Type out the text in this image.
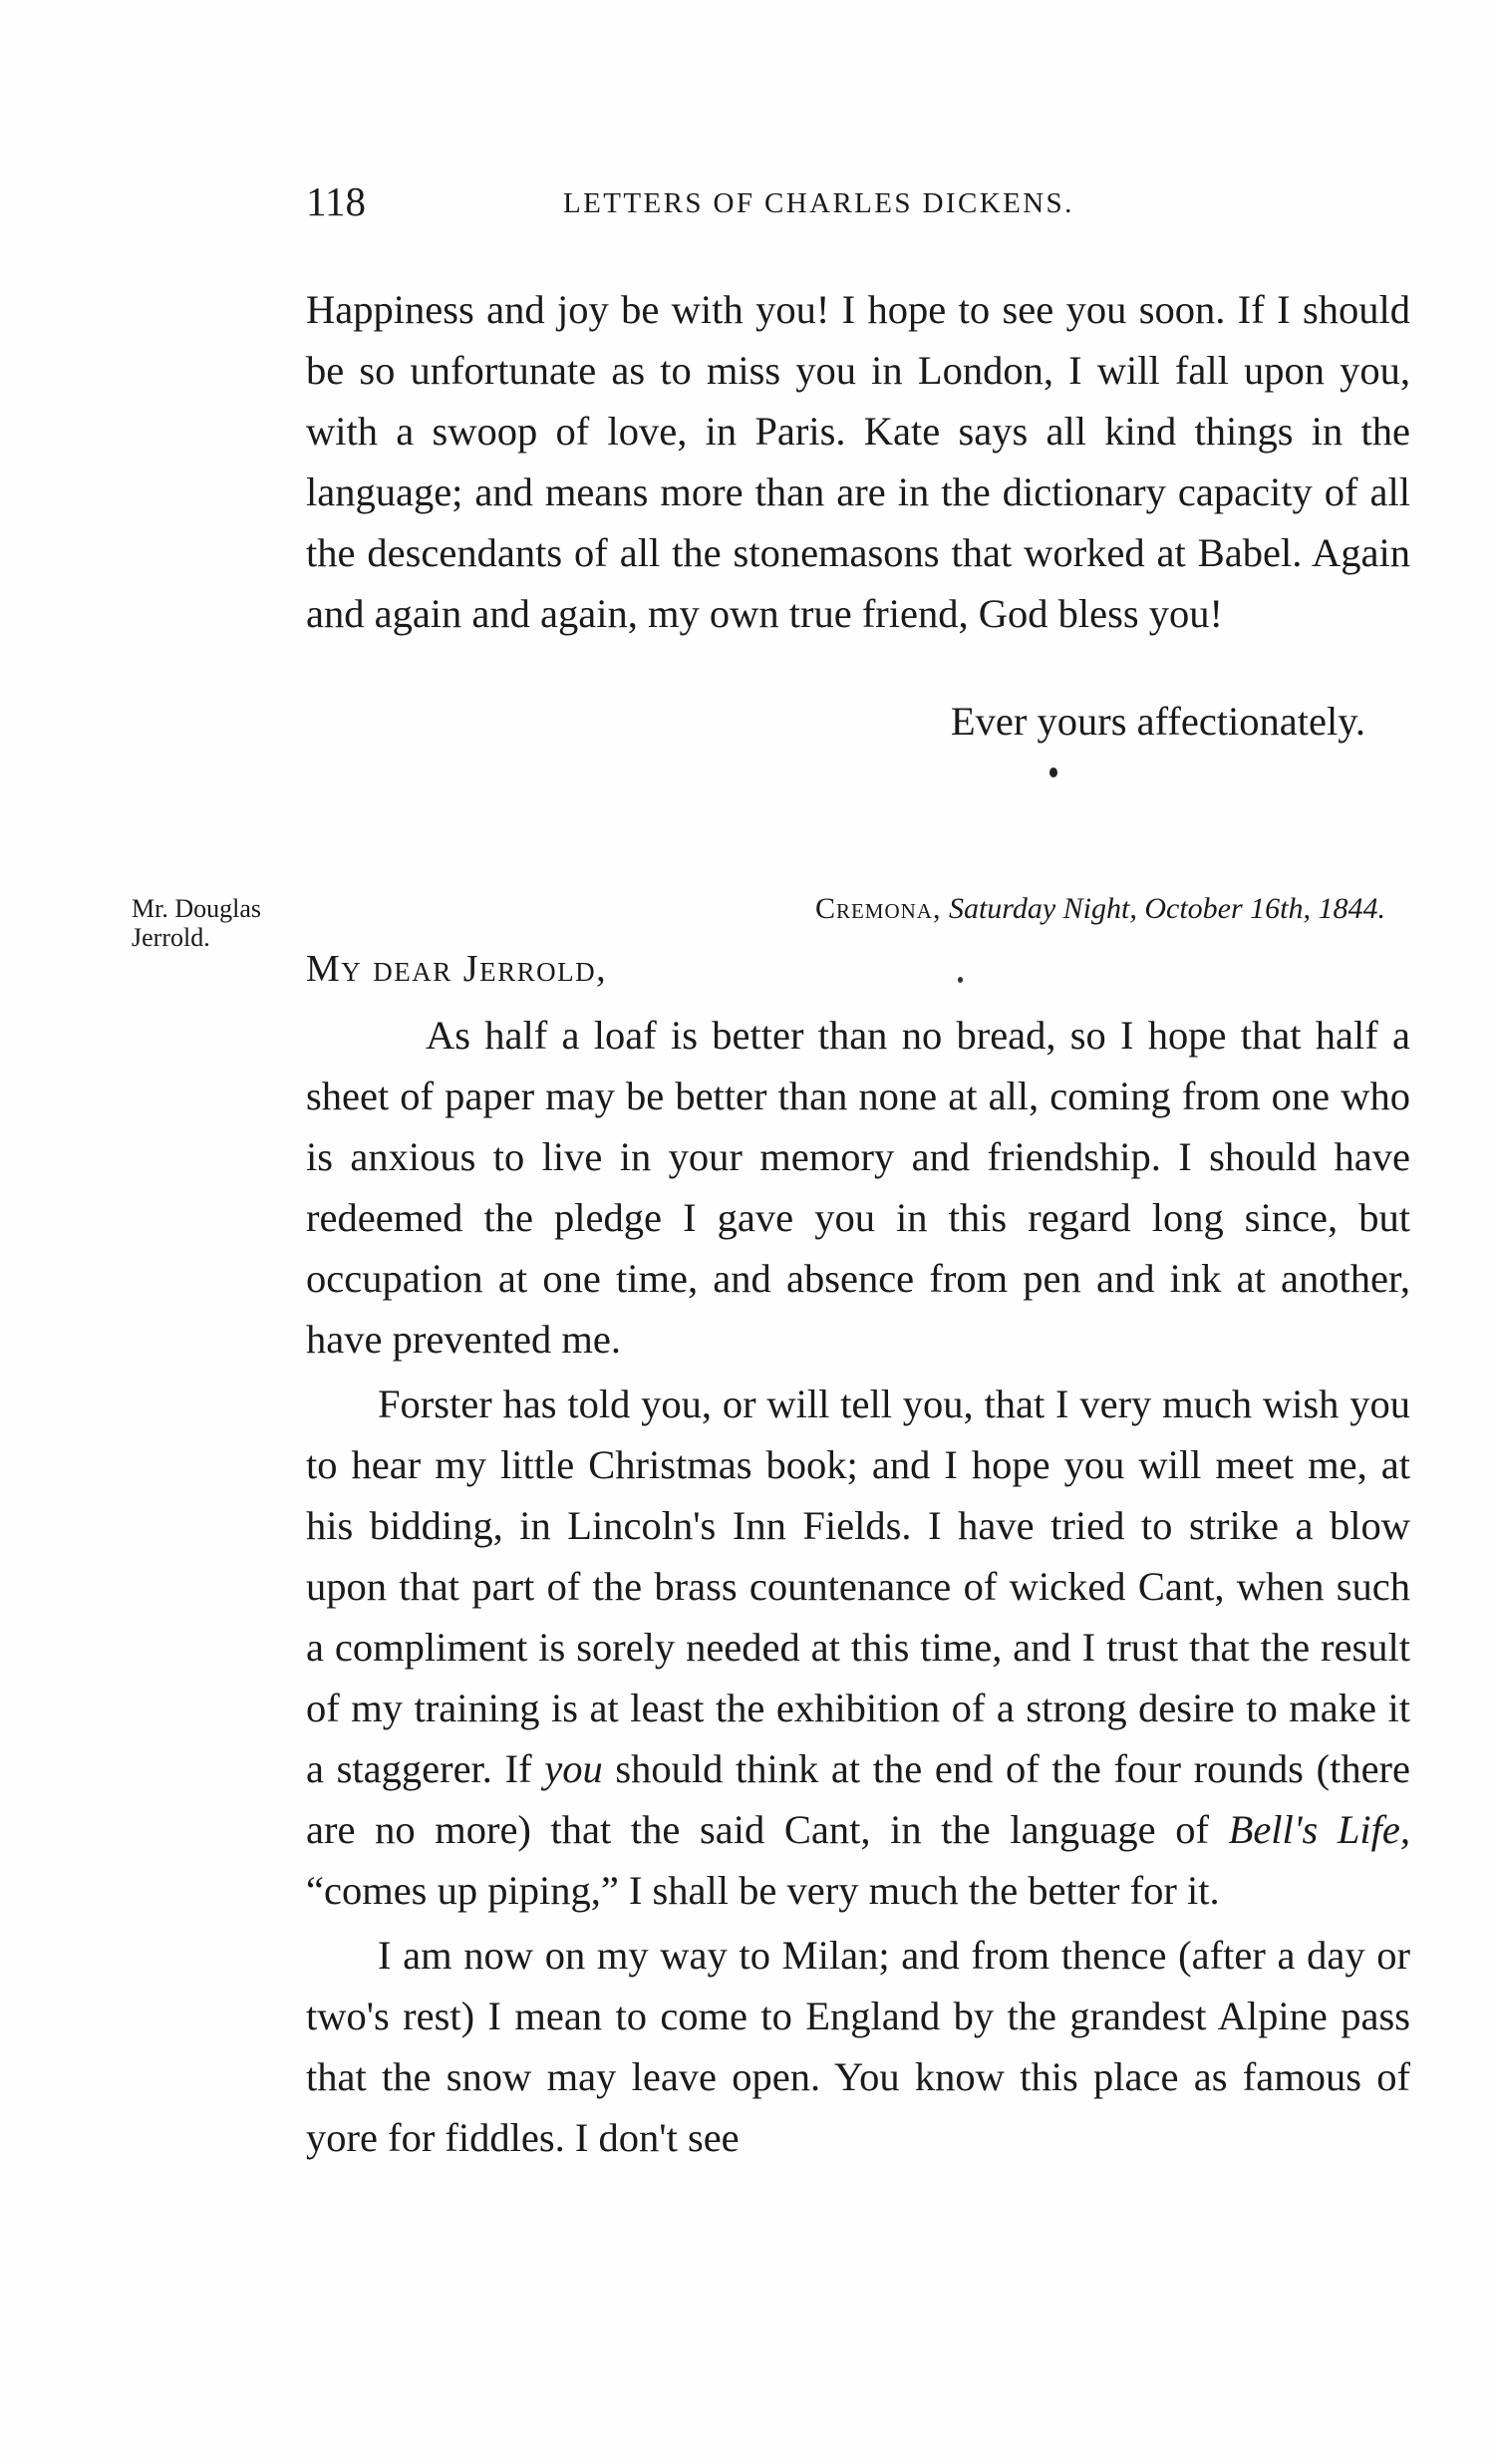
118	LETTERS OF CHARLES DICKENS.

Happiness and joy be with you! I hope to see you soon. If I should be so unfortunate as to miss you in London, I will fall upon you, with a swoop of love, in Paris. Kate says all kind things in the language; and means more than are in the dictionary capacity of all the descendants of all the stonemasons that worked at Babel. Again and again and again, my own true friend, God bless you!

Ever yours affectionately.
Mr. Douglas Jerrold.
Cremona, Saturday Night, October 16th, 1844.
My dear Jerrold,

As half a loaf is better than no bread, so I hope that half a sheet of paper may be better than none at all, coming from one who is anxious to live in your memory and friendship. I should have redeemed the pledge I gave you in this regard long since, but occupation at one time, and absence from pen and ink at another, have prevented me.

Forster has told you, or will tell you, that I very much wish you to hear my little Christmas book; and I hope you will meet me, at his bidding, in Lincoln's Inn Fields. I have tried to strike a blow upon that part of the brass countenance of wicked Cant, when such a compliment is sorely needed at this time, and I trust that the result of my training is at least the exhibition of a strong desire to make it a staggerer. If you should think at the end of the four rounds (there are no more) that the said Cant, in the language of Bell's Life, “comes up piping,” I shall be very much the better for it.

I am now on my way to Milan; and from thence (after a day or two's rest) I mean to come to England by the grandest Alpine pass that the snow may leave open. You know this place as famous of yore for fiddles. I don't see
